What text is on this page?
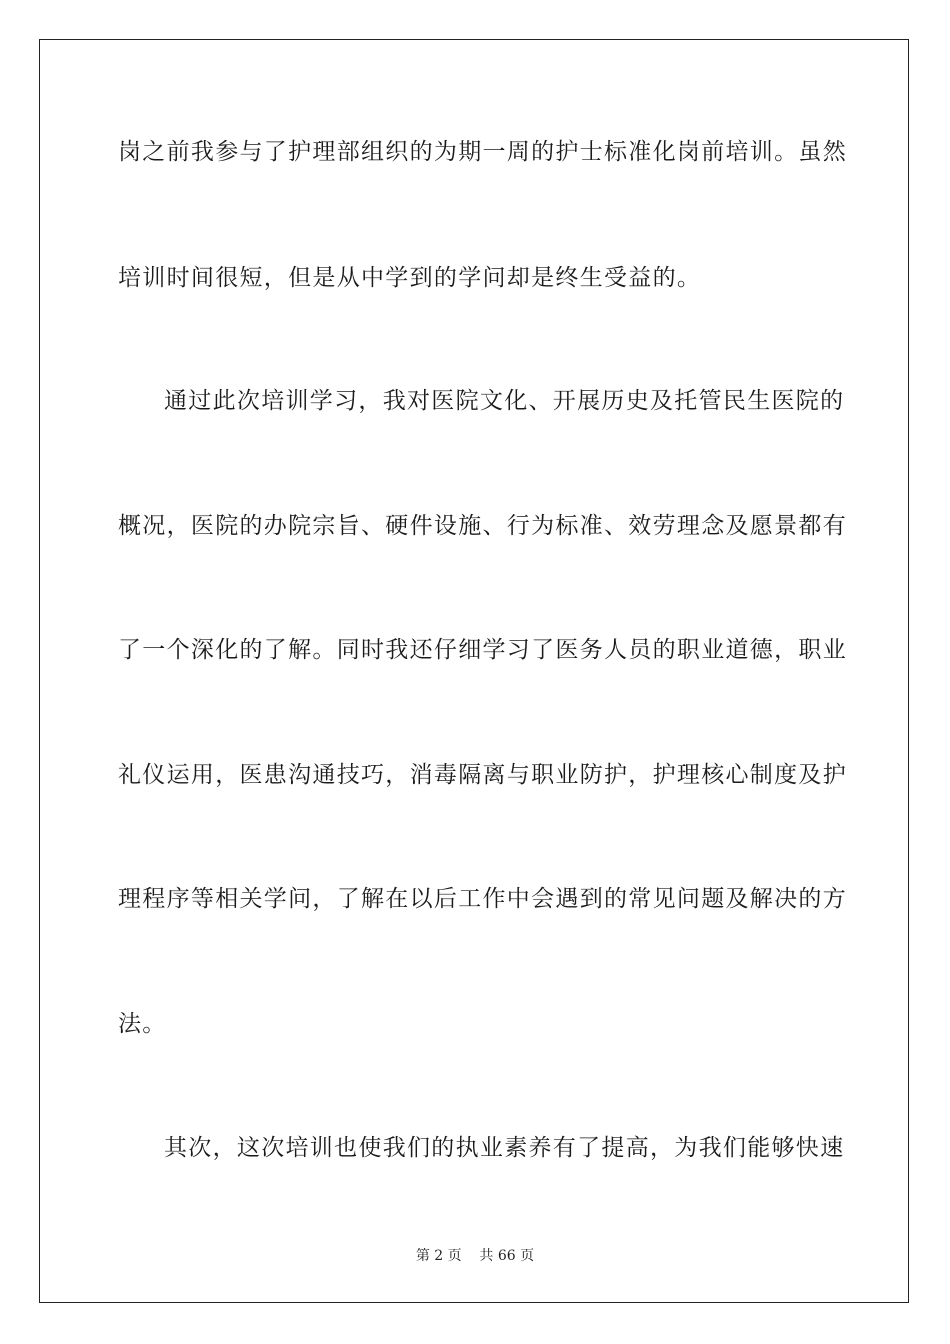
岗之前我参与了护理部组织的为期一周的护士标准化岗前培训。虽然
培训时间很短，但是从中学到的学问却是终生受益的。
通过此次培训学习，我对医院文化、开展历史及托管民生医院的
概况，医院的办院宗旨、硬件设施、行为标准、效劳理念及愿景都有
了一个深化的了解。同时我还仔细学习了医务人员的职业道德，职业
礼仪运用，医患沟通技巧，消毒隔离与职业防护，护理核心制度及护
理程序等相关学问，了解在以后工作中会遇到的常见问题及解决的方
法。
其次，这次培训也使我们的执业素养有了提高，为我们能够快速
第 2 页    共 66 页
